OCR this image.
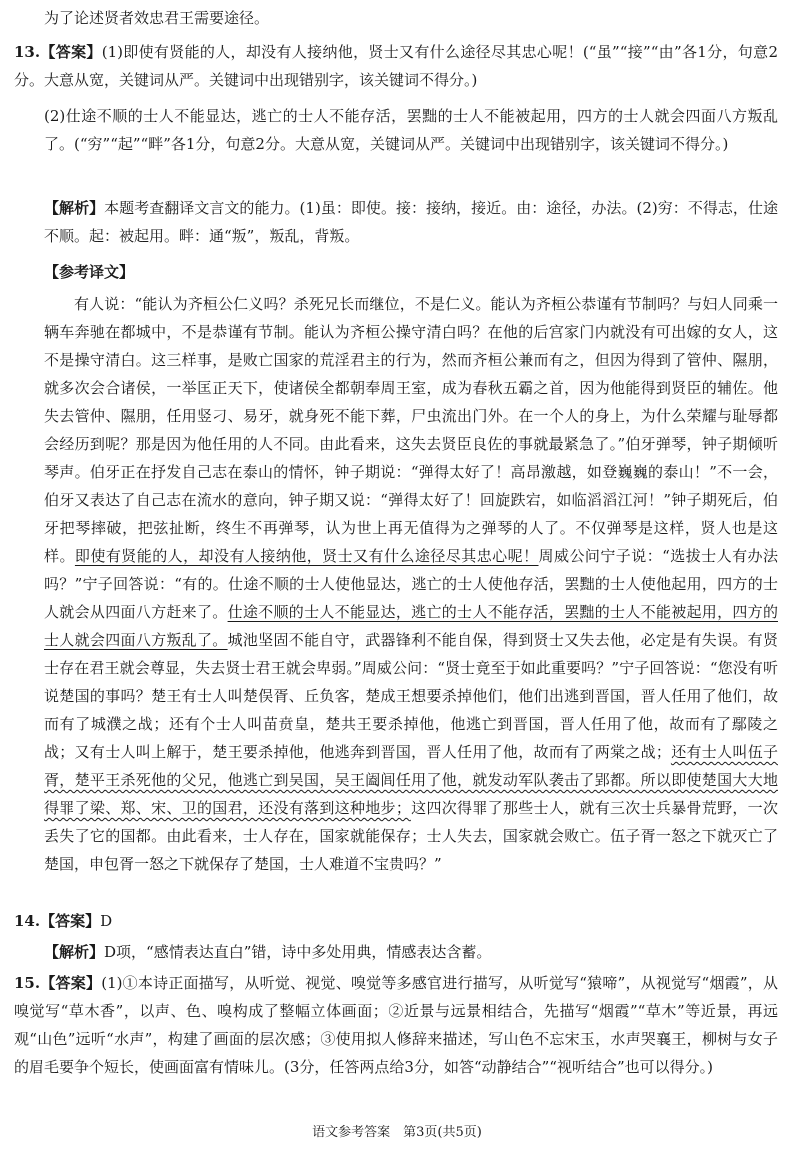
为了论述贤者效忠君王需要途径。

13.【答案】(1)即使有贤能的人，却没有人接纳他，贤士又有什么途径尽其忠心呢！(“虽”“接”“由”各1分，句意2分。大意从宽，关键词从严。关键词中出现错别字，该关键词不得分。)

(2)仕途不顺的士人不能显达，逃亡的士人不能存活，罢黜的士人不能被起用，四方的士人就会四面八方叛乱了。(“穷”“起”“畔”各1分，句意2分。大意从宽，关键词从严。关键词中出现错别字，该关键词不得分。)

【解析】本题考查翻译文言文的能力。(1)虽：即使。接：接纳，接近。由：途径，办法。(2)穷：不得志，仕途不顺。起：被起用。畔：通“叛”，叛乱，背叛。

【参考译文】

有人说：“能认为齐桓公仁义吗？杀死兄长而继位，不是仁义。能认为齐桓公恭谨有节制吗？与妇人同乘一辆车奔驰在都城中，不是恭谨有节制。能认为齐桓公操守清白吗？在他的后宫家门内就没有可出嫁的女人，这不是操守清白。这三样事，是败亡国家的荒淫君主的行为，然而齐桓公兼而有之，但因为得到了管仲、隰朋，就多次会合诸侯，一举匡正天下，使诸侯全都朝奉周王室，成为春秋五霸之首，因为他能得到贤臣的辅佐。他失去管仲、隰朋，任用竖刁、易牙，就身死不能下葬，尸虫流出门外。在一个人的身上，为什么荣耀与耻辱都会经历到呢？那是因为他任用的人不同。由此看来，这失去贤臣良佐的事就最紧急了。”伯牙弹琴，钟子期倾听琴声。伯牙正在抒发自己志在泰山的情怀，钟子期说：“弹得太好了！高昂激越，如登巍巍的泰山！”不一会，伯牙又表达了自己志在流水的意向，钟子期又说：“弹得太好了！回旋跌宕，如临滔滔江河！”钟子期死后，伯牙把琴摔破，把弦扯断，终生不再弹琴，认为世上再无值得为之弹琴的人了。不仅弹琴是这样，贤人也是这样。即使有贤能的人，却没有人接纳他，贤士又有什么途径尽其忠心呢！周威公问宁子说：“选拔士人有办法吗？”宁子回答说：“有的。仕途不顺的士人使他显达，逃亡的士人使他存活，罢黜的士人使他起用，四方的士人就会从四面八方赶来了。仕途不顺的士人不能显达，逃亡的士人不能存活，罢黜的士人不能被起用，四方的士人就会四面八方叛乱了。城池坚固不能自守，武器锋利不能自保，得到贤士又失去他，必定是有失误。有贤士存在君王就会尊显，失去贤士君王就会卑弱。”周威公问：“贤士竟至于如此重要吗？”宁子回答说：“您没有听说楚国的事吗？楚王有士人叫楚俣胥、丘负客，楚成王想要杀掉他们，他们出逃到晋国，晋人任用了他们，故而有了城濮之战；还有个士人叫苗贲皇，楚共王要杀掉他，他逃亡到晋国，晋人任用了他，故而有了鄢陵之战；又有士人叫上解于，楚王要杀掉他，他逃奔到晋国，晋人任用了他，故而有了两棠之战；还有士人叫伍子胥，楚平王杀死他的父兄，他逃亡到吴国，吴王阖闾任用了他，就发动军队袭击了郢都。所以即使楚国大大地得罪了梁、郑、宋、卫的国君，还没有落到这种地步；这四次得罪了那些士人，就有三次士兵暴骨荒野，一次丢失了它的国都。由此看来，士人存在，国家就能保存；士人失去，国家就会败亡。伍子胥一怒之下就灭亡了楚国，申包胥一怒之下就保存了楚国，士人难道不宝贵吗？”

14.【答案】D

【解析】D项，“感情表达直白”错，诗中多处用典，情感表达含蓄。

15.【答案】(1)①本诗正面描写，从听觉、视觉、嗅觉等多感官进行描写，从听觉写“猿啼”，从视觉写“烟霞”，从嗅觉写“草木香”，以声、色、嗅构成了整幅立体画面；②近景与远景相结合，先描写“烟霞”“草木”等近景，再远观“山色”远听“水声”，构建了画面的层次感；③使用拟人修辞来描述，写山色不忘宋玉，水声哭襄王，柳树与女子的眉毛要争个短长，使画面富有情味儿。(3分，任答两点给3分，如答“动静结合”“视听结合”也可以得分。)

语文参考答案　第3页(共5页)
